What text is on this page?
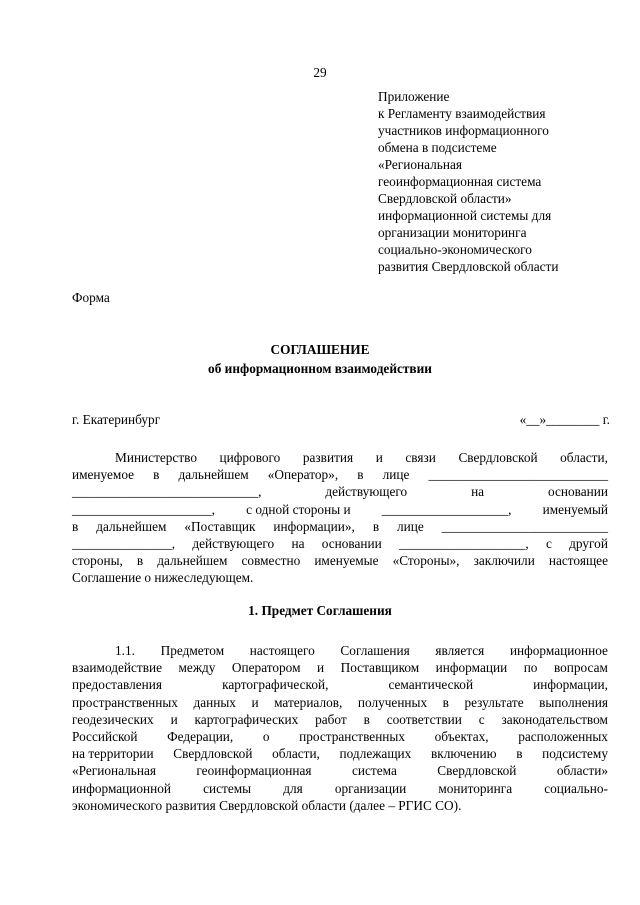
29
Приложение
к Регламенту взаимодействия
участников информационного
обмена в подсистеме
«Региональная
геоинформационная система
Свердловской области»
информационной системы для
организации мониторинга
социально-экономического
развития Свердловской области
Форма
СОГЛАШЕНИЕ
об информационном взаимодействии
г. Екатеринбург	«__»________ г.
Министерство цифрового развития и связи Свердловской области,
именуемое в дальнейшем «Оператор», в лице ___________________________
____________________________,	действующего	на	основании
_____________________, с одной стороны и ___________________, именуемый
в дальнейшем «Поставщик информации», в лице _________________________
_______________, действующего на основании ___________________, с другой
стороны, в дальнейшем совместно именуемые «Стороны», заключили настоящее
Соглашение о нижеследующем.
1. Предмет Соглашения
1.1. Предметом настоящего Соглашения является информационное
взаимодействие между Оператором и Поставщиком информации по вопросам
предоставления	картографической,	семантической	информации,
пространственных данных и материалов, полученных в результате выполнения
геодезических и картографических работ в соответствии с законодательством
Российской Федерации, о пространственных объектах, расположенных
на территории Свердловской области, подлежащих включению в подсистему
«Региональная	геоинформационная	система	Свердловской	области»
информационной системы для организации мониторинга социально-
экономического развития Свердловской области (далее – РГИС СО).
